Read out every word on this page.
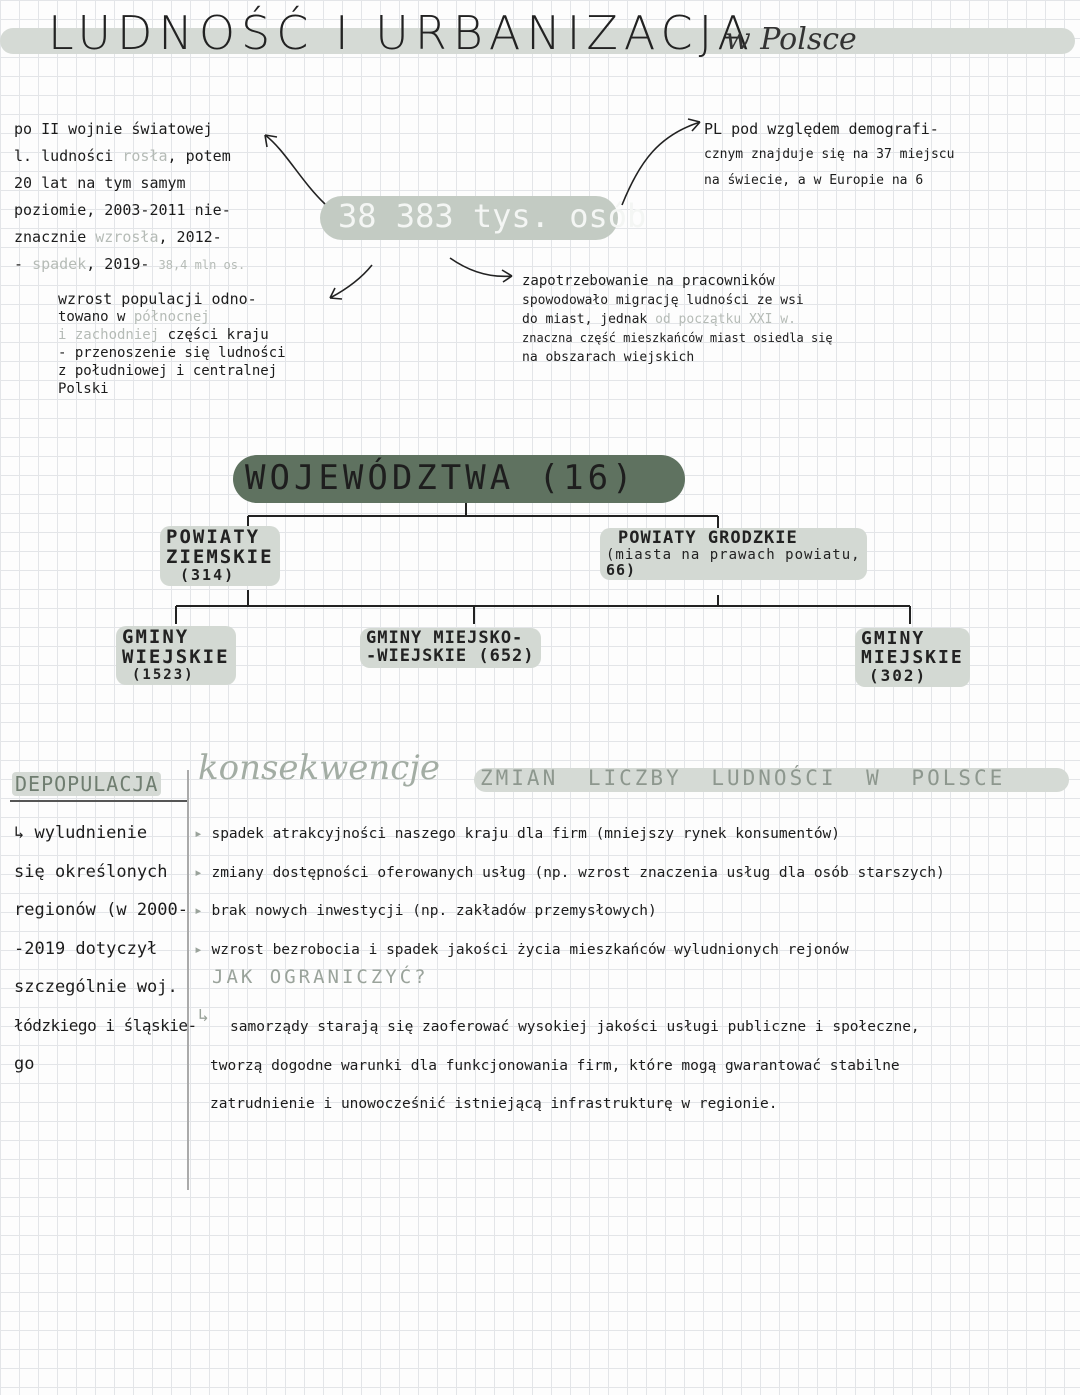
LUDNOŚĆ I URBANIZACJA
w Polsce
38 383 tys. osób

po II wojnie światowej

l. ludności rosła, potem

20 lat na tym samym

poziomie, 2003-2011 nie-

znacznie wzrosła, 2012-

- spadek, 2019- 38,4 mln os.

PL pod względem demografi-

cznym znajduje się na 37 miejscu

na świecie, a w Europie na 6

wzrost populacji odno-

towano w północnej

i zachodniej części kraju

- przenoszenie się ludności

z południowej i centralnej

Polski

zapotrzebowanie na pracowników

spowodowało migrację ludności ze wsi

do miast, jednak od początku XXI w.

znaczna część mieszkańców miast osiedla się

na obszarach wiejskich

WOJEWÓDZTWA (16)
POWIATY
ZIEMSKIE
(314)
POWIATY GRODZKIE
(miasta na prawach powiatu,
66)
GMINY
WIEJSKIE
(1523)
GMINY MIEJSKO-
-WIEJSKIE (652)
GMINY
MIEJSKIE
(302)
DEPOPULACJA konsekwencje ZMIAN LICZBY LUDNOŚCI W POLSCE

↳ wyludnienie

się określonych

regionów (w 2000-

-2019 dotyczył

szczególnie woj.

łódzkiego i śląskie-

go

▸ spadek atrakcyjności naszego kraju dla firm (mniejszy rynek konsumentów)
▸ zmiany dostępności oferowanych usług (np. wzrost znaczenia usług dla osób starszych)
▸ brak nowych inwestycji (np. zakładów przemysłowych)
▸ wzrost bezrobocia i spadek jakości życia mieszkańców wyludnionych rejonów
JAK OGRANICZYĆ?
↳

samorządy starają się zaoferować wysokiej jakości usługi publiczne i społeczne,

tworzą dogodne warunki dla funkcjonowania firm, które mogą gwarantować stabilne

zatrudnienie i unowocześnić istniejącą infrastrukturę w regionie.
